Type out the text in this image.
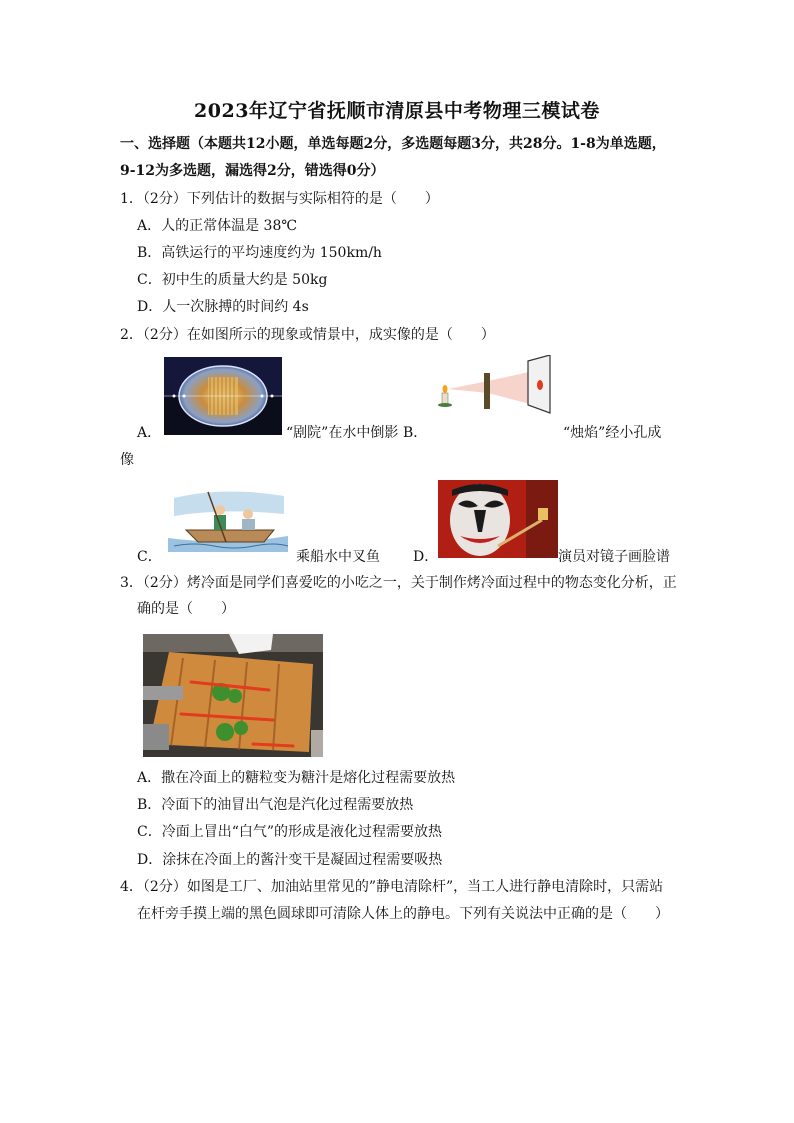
2023年辽宁省抚顺市清原县中考物理三模试卷
一、选择题（本题共12小题，单选每题2分，多选题每题3分，共28分。1-8为单选题，
9-12为多选题，漏选得2分，错选得0分）
1．（2分）下列估计的数据与实际相符的是（　　）
A．人的正常体温是 38℃
B．高铁运行的平均速度约为 150km/h
C．初中生的质量大约是 50kg
D．人一次脉搏的时间约 4s
2．（2分）在如图所示的现象或情景中，成实像的是（　　）
A．	“剧院”在水中倒影 B．	“烛焰”经小孔成
像
C．	乘船水中叉鱼 D．	演员对镜子画脸谱
3．（2分）烤冷面是同学们喜爱吃的小吃之一，关于制作烤冷面过程中的物态变化分析，正
确的是（　　）
A．撒在冷面上的糖粒变为糖汁是熔化过程需要放热
B．冷面下的油冒出气泡是汽化过程需要放热
C．冷面上冒出“白气”的形成是液化过程需要放热
D．涂抹在冷面上的酱汁变干是凝固过程需要吸热
4．（2分）如图是工厂、加油站里常见的”静电清除杆”，当工人进行静电清除时，只需站
在杆旁手摸上端的黑色圆球即可清除人体上的静电。下列有关说法中正确的是（　　）
